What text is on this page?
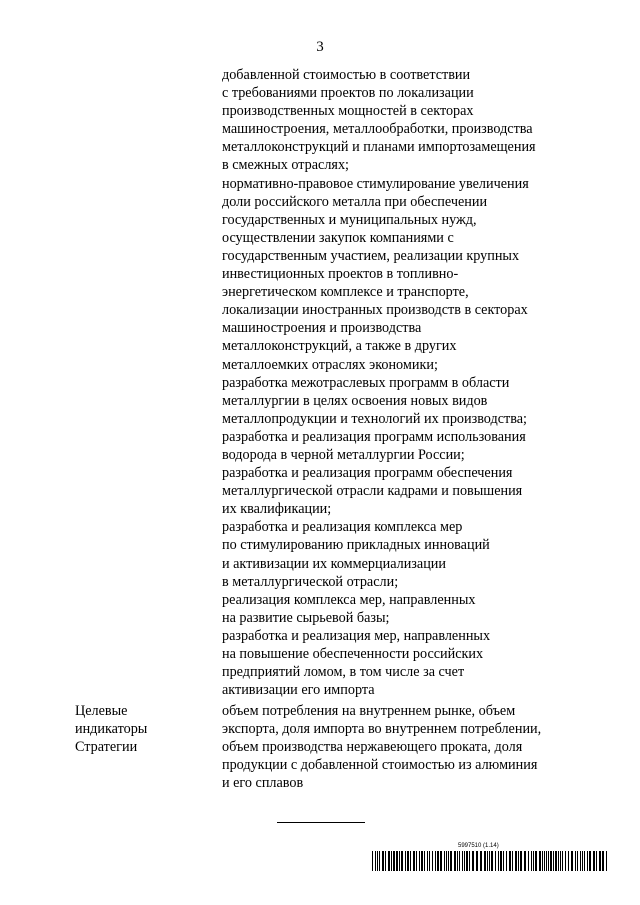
3
добавленной стоимостью в соответствии
с требованиями проектов по локализации
производственных мощностей в секторах
машиностроения, металлообработки, производства
металлоконструкций и планами импортозамещения
в смежных отраслях;
нормативно-правовое стимулирование увеличения
доли российского металла при обеспечении
государственных и муниципальных нужд,
осуществлении закупок компаниями с
государственным участием, реализации крупных
инвестиционных проектов в топливно-
энергетическом комплексе и транспорте,
локализации иностранных производств в секторах
машиностроения и производства
металлоконструкций, а также в других
металлоемких отраслях экономики;
разработка межотраслевых программ в области
металлургии в целях освоения новых видов
металлопродукции и технологий их производства;
разработка и реализация программ использования
водорода в черной металлургии России;
разработка и реализация программ обеспечения
металлургической отрасли кадрами и повышения
их квалификации;
разработка и реализация комплекса мер
по стимулированию прикладных инноваций
и активизации их коммерциализации
в металлургической отрасли;
реализация комплекса мер, направленных
на развитие сырьевой базы;
разработка и реализация мер, направленных
на повышение обеспеченности российских
предприятий ломом, в том числе за счет
активизации его импорта
Целевые
индикаторы
Стратегии
объем потребления на внутреннем рынке, объем
экспорта, доля импорта во внутреннем потреблении,
объем производства нержавеющего проката, доля
продукции с добавленной стоимостью из алюминия
и его сплавов
5997510 (1.14)
